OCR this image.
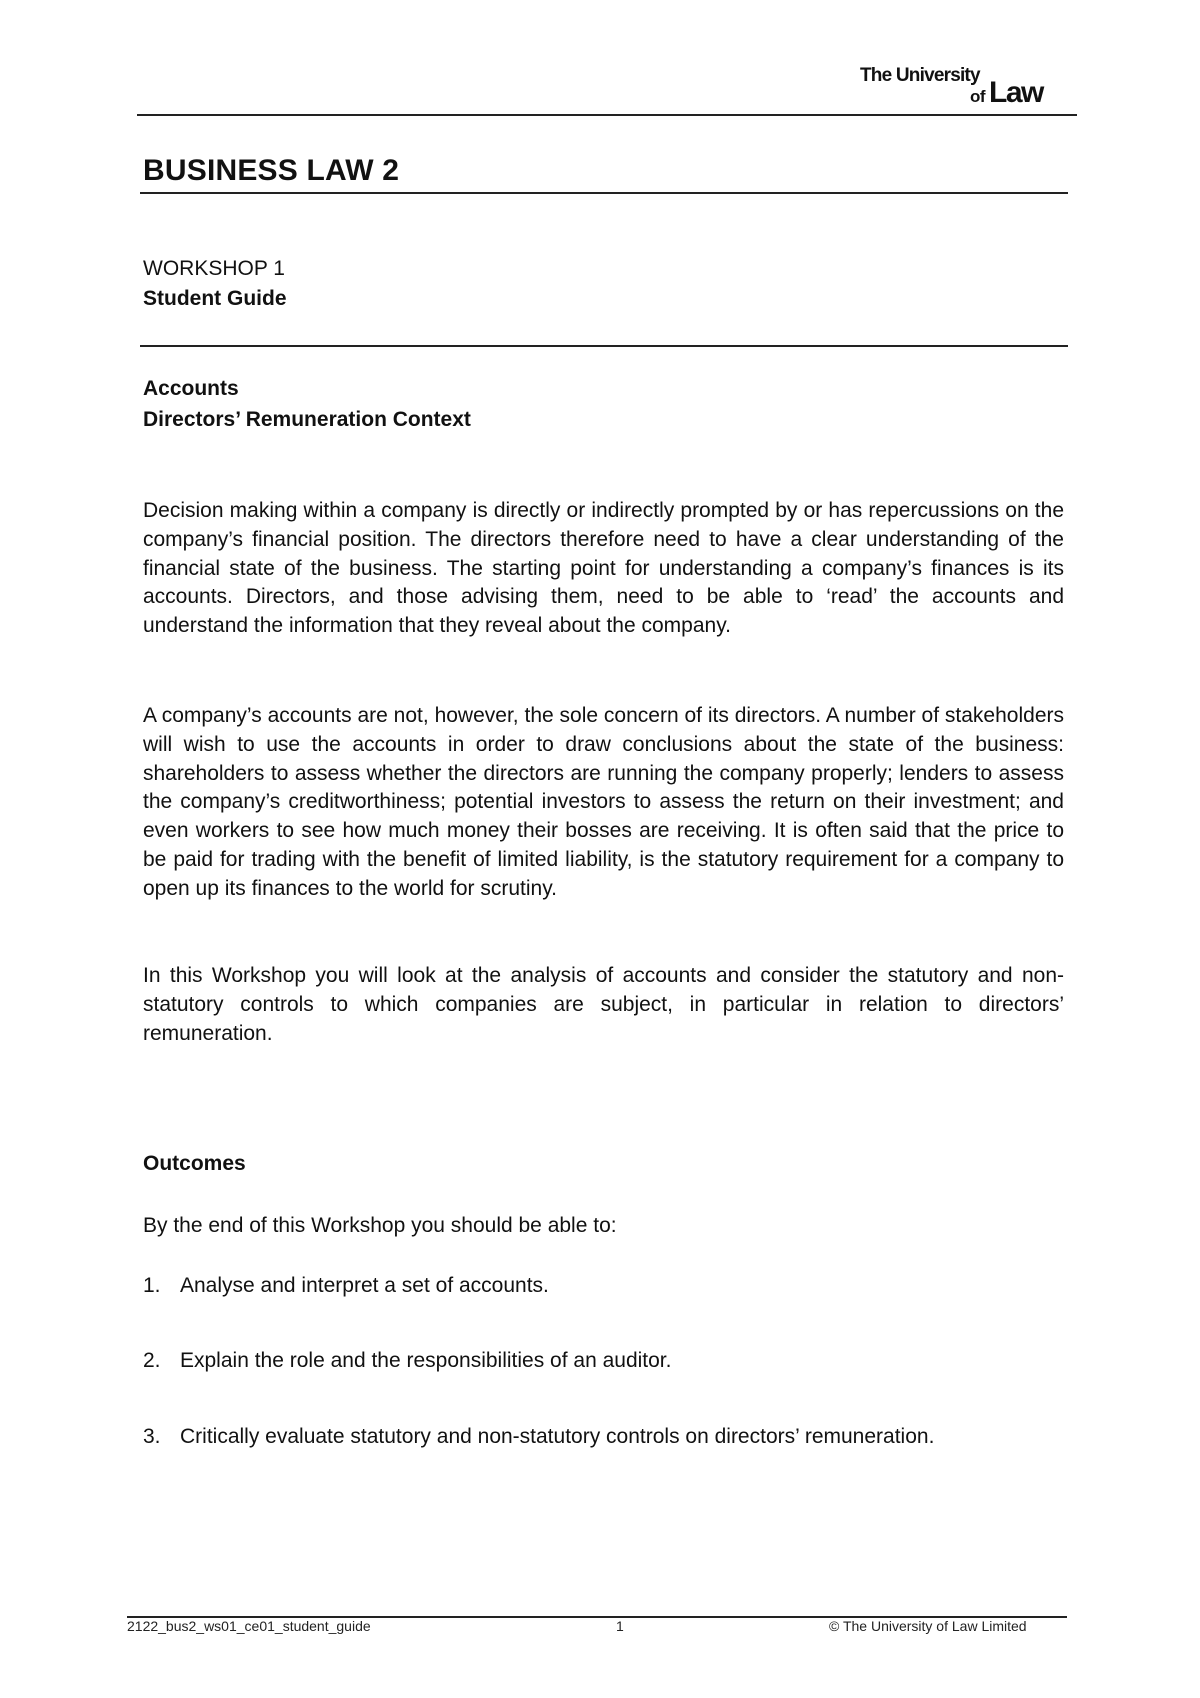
The University
of Law
BUSINESS LAW 2

WORKSHOP 1

Student Guide

Accounts

Directors’ Remuneration Context

Decision making within a company is directly or indirectly prompted by or has repercussions on the company’s financial position. The directors therefore need to have a clear understanding of the financial state of the business. The starting point for understanding a company’s finances is its accounts. Directors, and those advising them, need to be able to ‘read’ the accounts and understand the information that they reveal about the company.

A company’s accounts are not, however, the sole concern of its directors. A number of stakeholders will wish to use the accounts in order to draw conclusions about the state of the business: shareholders to assess whether the directors are running the company properly; lenders to assess the company’s creditworthiness; potential investors to assess the return on their investment; and even workers to see how much money their bosses are receiving. It is often said that the price to be paid for trading with the benefit of limited liability, is the statutory requirement for a company to open up its finances to the world for scrutiny.

In this Workshop you will look at the analysis of accounts and consider the statutory and non-statutory controls to which companies are subject, in particular in relation to directors’ remuneration.

Outcomes

By the end of this Workshop you should be able to:

1. Analyse and interpret a set of accounts.

2. Explain the role and the responsibilities of an auditor.

3. Critically evaluate statutory and non-statutory controls on directors’ remuneration.

2122_bus2_ws01_ce01_student_guide	1	© The University of Law Limited
